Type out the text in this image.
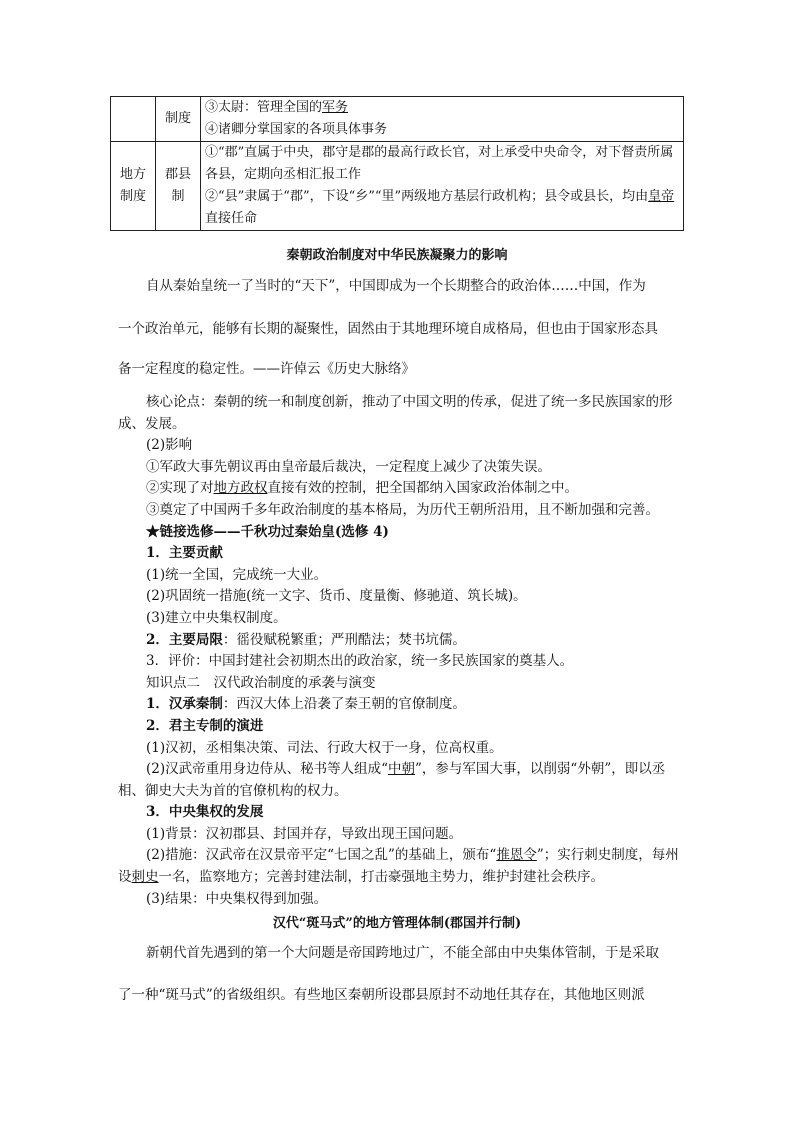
	制度	③太尉：管理全国的军务
④诸卿分掌国家的各项具体事务

地方制度	郡县制	①“郡”直属于中央，郡守是郡的最高行政长官，对上承受中央命令，对下督责所属各县，定期向丞相汇报工作
②“县”隶属于“郡”，下设“乡”“里”两级地方基层行政机构；县令或县长，均由皇帝直接任命
秦朝政治制度对中华民族凝聚力的影响
自从秦始皇统一了当时的“天下”，中国即成为一个长期整合的政治体……中国，作为
一个政治单元，能够有长期的凝聚性，固然由于其地理环境自成格局，但也由于国家形态具
备一定程度的稳定性。——许倬云《历史大脉络》

核心论点：秦朝的统一和制度创新，推动了中国文明的传承，促进了统一多民族国家的形成、发展。

(2)影响

①军政大事先朝议再由皇帝最后裁决，一定程度上减少了决策失误。

②实现了对地方政权直接有效的控制，把全国都纳入国家政治体制之中。

③奠定了中国两千多年政治制度的基本格局，为历代王朝所沿用，且不断加强和完善。

★链接选修——千秋功过秦始皇(选修 4)

1．主要贡献

(1)统一全国，完成统一大业。

(2)巩固统一措施(统一文字、货币、度量衡、修驰道、筑长城)。

(3)建立中央集权制度。

2．主要局限：徭役赋税繁重；严刑酷法；焚书坑儒。

3．评价：中国封建社会初期杰出的政治家，统一多民族国家的奠基人。

知识点二　汉代政治制度的承袭与演变

1．汉承秦制：西汉大体上沿袭了秦王朝的官僚制度。

2．君主专制的演进

(1)汉初，丞相集决策、司法、行政大权于一身，位高权重。

(2)汉武帝重用身边侍从、秘书等人组成“中朝”，参与军国大事，以削弱“外朝”，即以丞相、御史大夫为首的官僚机构的权力。

3．中央集权的发展

(1)背景：汉初郡县、封国并存，导致出现王国问题。

(2)措施：汉武帝在汉景帝平定“七国之乱”的基础上，颁布“推恩令”；实行刺史制度，每州设刺史一名，监察地方；完善封建法制，打击豪强地主势力，维护封建社会秩序。

(3)结果：中央集权得到加强。

汉代“斑马式”的地方管理体制(郡国并行制)
新朝代首先遇到的第一个大问题是帝国跨地过广，不能全部由中央集体管制，于是采取
了一种“斑马式”的省级组织。有些地区秦朝所设郡县原封不动地任其存在，其他地区则派
